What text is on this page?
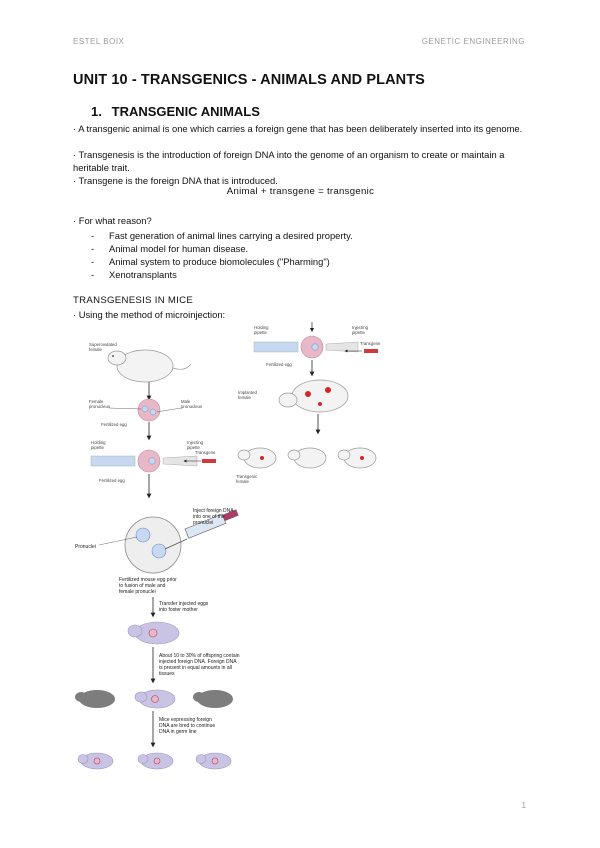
ESTEL BOIX	GENETIC ENGINEERING
UNIT 10 - TRANSGENICS - ANIMALS AND PLANTS
1. TRANSGENIC ANIMALS

· A transgenic animal is one which carries a foreign gene that has been deliberately inserted into its genome.

· Transgenesis is the introduction of foreign DNA into the genome of an organism to create or maintain a heritable trait.

· Transgene is the foreign DNA that is introduced.

Animal + transgene = transgenic

· For what reason?

-	Fast generation of animal lines carrying a desired property.
-	Animal model for human disease.
-	Animal system to produce biomolecules ("Pharming")
-	Xenotransplants
TRANSGENESIS IN MICE
· Using the method of microinjection:
Superovulated female
Female pronucleus
Male pronucleus
Fertilized egg
Holding pipette
Injecting pipette
Transgene
Fertilized egg
Holding pipette
Injecting pipette
Transgene
Fertilized egg
Implanted female
Transgenic female
Pronuclei
Inject foreign DNA into one of the pronuclei
Fertilized mouse egg prior to fusion of male and female pronuclei
Transfer injected eggs into foster mother
About 10 to 30% of offspring contain injected foreign DNA. Foreign DNA is present in equal amounts in all tissues
Mice expressing foreign DNA are bred to continue DNA in germ line
1
